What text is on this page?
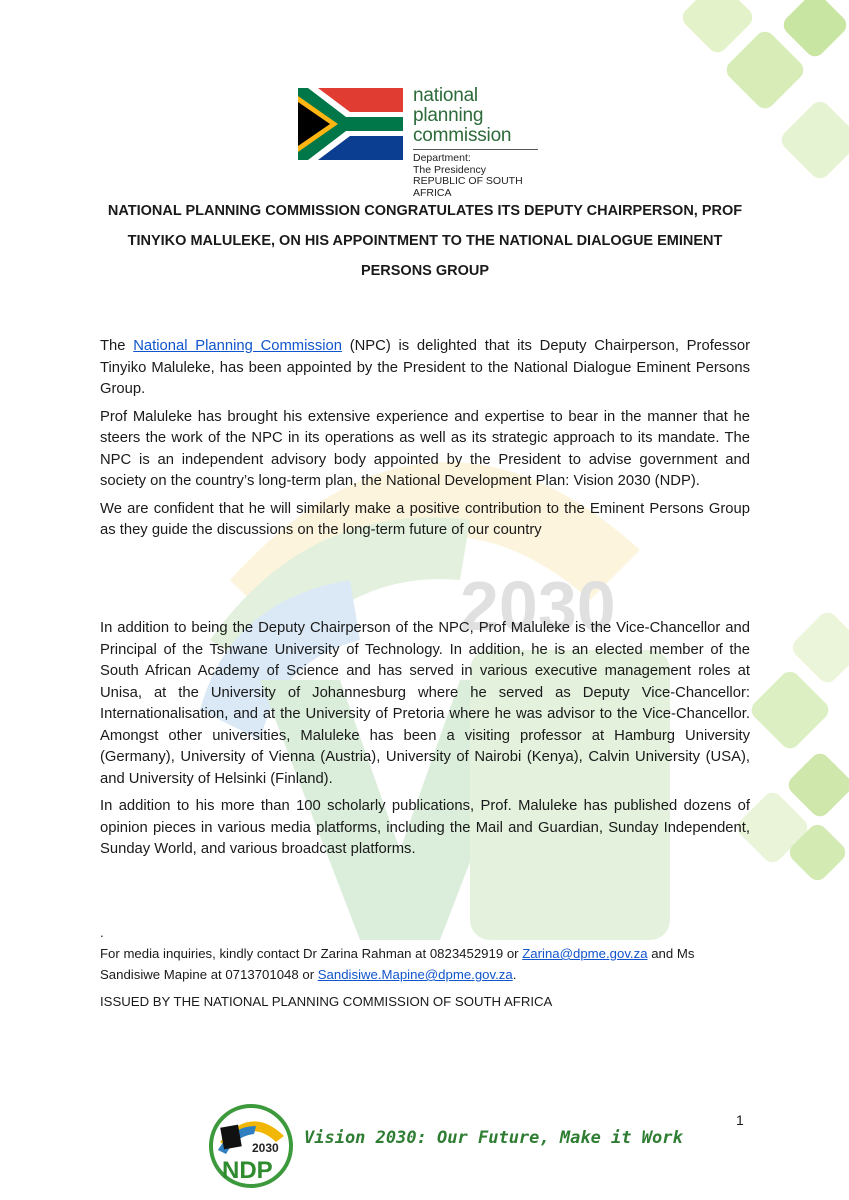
2030
national planning
commission
Department:
The Presidency
REPUBLIC OF SOUTH AFRICA
NATIONAL PLANNING COMMISSION CONGRATULATES ITS DEPUTY CHAIRPERSON, PROF
TINYIKO MALULEKE, ON HIS APPOINTMENT TO THE NATIONAL DIALOGUE EMINENT
PERSONS GROUP

The National Planning Commission (NPC) is delighted that its Deputy Chairperson, Professor Tinyiko Maluleke, has been appointed by the President to the National Dialogue Eminent Persons Group.

Prof Maluleke has brought his extensive experience and expertise to bear in the manner that he steers the work of the NPC in its operations as well as its strategic approach to its mandate. The NPC is an independent advisory body appointed by the President to advise government and society on the country’s long-term plan, the National Development Plan: Vision 2030 (NDP).

We are confident that he will similarly make a positive contribution to the Eminent Persons Group as they guide the discussions on the long-term future of our country

In addition to being the Deputy Chairperson of the NPC, Prof Maluleke is the Vice-Chancellor and Principal of the Tshwane University of Technology. In addition, he is an elected member of the South African Academy of Science and has served in various executive management roles at Unisa, at the University of Johannesburg where he served as Deputy Vice-Chancellor: Internationalisation, and at the University of Pretoria where he was advisor to the Vice-Chancellor. Amongst other universities, Maluleke has been a visiting professor at Hamburg University (Germany), University of Vienna (Austria), University of Nairobi (Kenya), Calvin University (USA), and University of Helsinki (Finland).

In addition to his more than 100 scholarly publications, Prof. Maluleke has published dozens of opinion pieces in various media platforms, including the Mail and Guardian, Sunday Independent, Sunday World, and various broadcast platforms.

.
For media inquiries, kindly contact Dr Zarina Rahman at 0823452919 or Zarina@dpme.gov.za and Ms
Sandisiwe Mapine at 0713701048 or Sandisiwe.Mapine@dpme.gov.za.
ISSUED BY THE NATIONAL PLANNING COMMISSION OF SOUTH AFRICA
1
2030
NDP
Vision 2030: Our Future, Make it Work
